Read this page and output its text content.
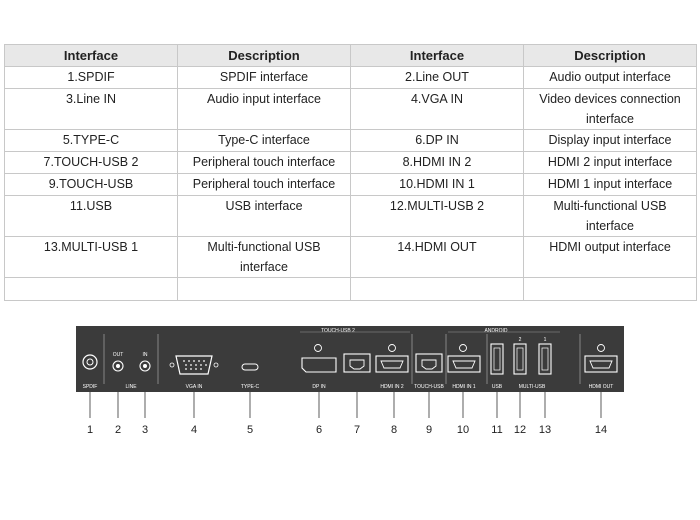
Interface	Description	Interface	Description
1.SPDIF	SPDIF interface	2.Line OUT	Audio output interface
3.Line IN	Audio input interface	4.VGA IN	Video devices connection interface
5.TYPE-C	Type-C interface	6.DP IN	Display input interface
7.TOUCH-USB 2	Peripheral touch interface	8.HDMI IN 2	HDMI 2 input interface
9.TOUCH-USB	Peripheral touch interface	10.HDMI IN 1	HDMI 1 input interface
11.USB	USB interface	12.MULTI-USB 2	Multi-functional USB interface
13.MULTI-USB 1	Multi-functional USB interface	14.HDMI OUT	HDMI output interface

TOUCH-USB 2	ANDROID
SPDIF
OUT	IN
LINE	VGA IN	TYPE-C	DP IN	HDMI IN 2 TOUCH-USB HDMI IN 1	USB
2	1
MULTI-USB	HDMI OUT
1 2 3	4	5	6	7	8	9 10 11 12 13	14
